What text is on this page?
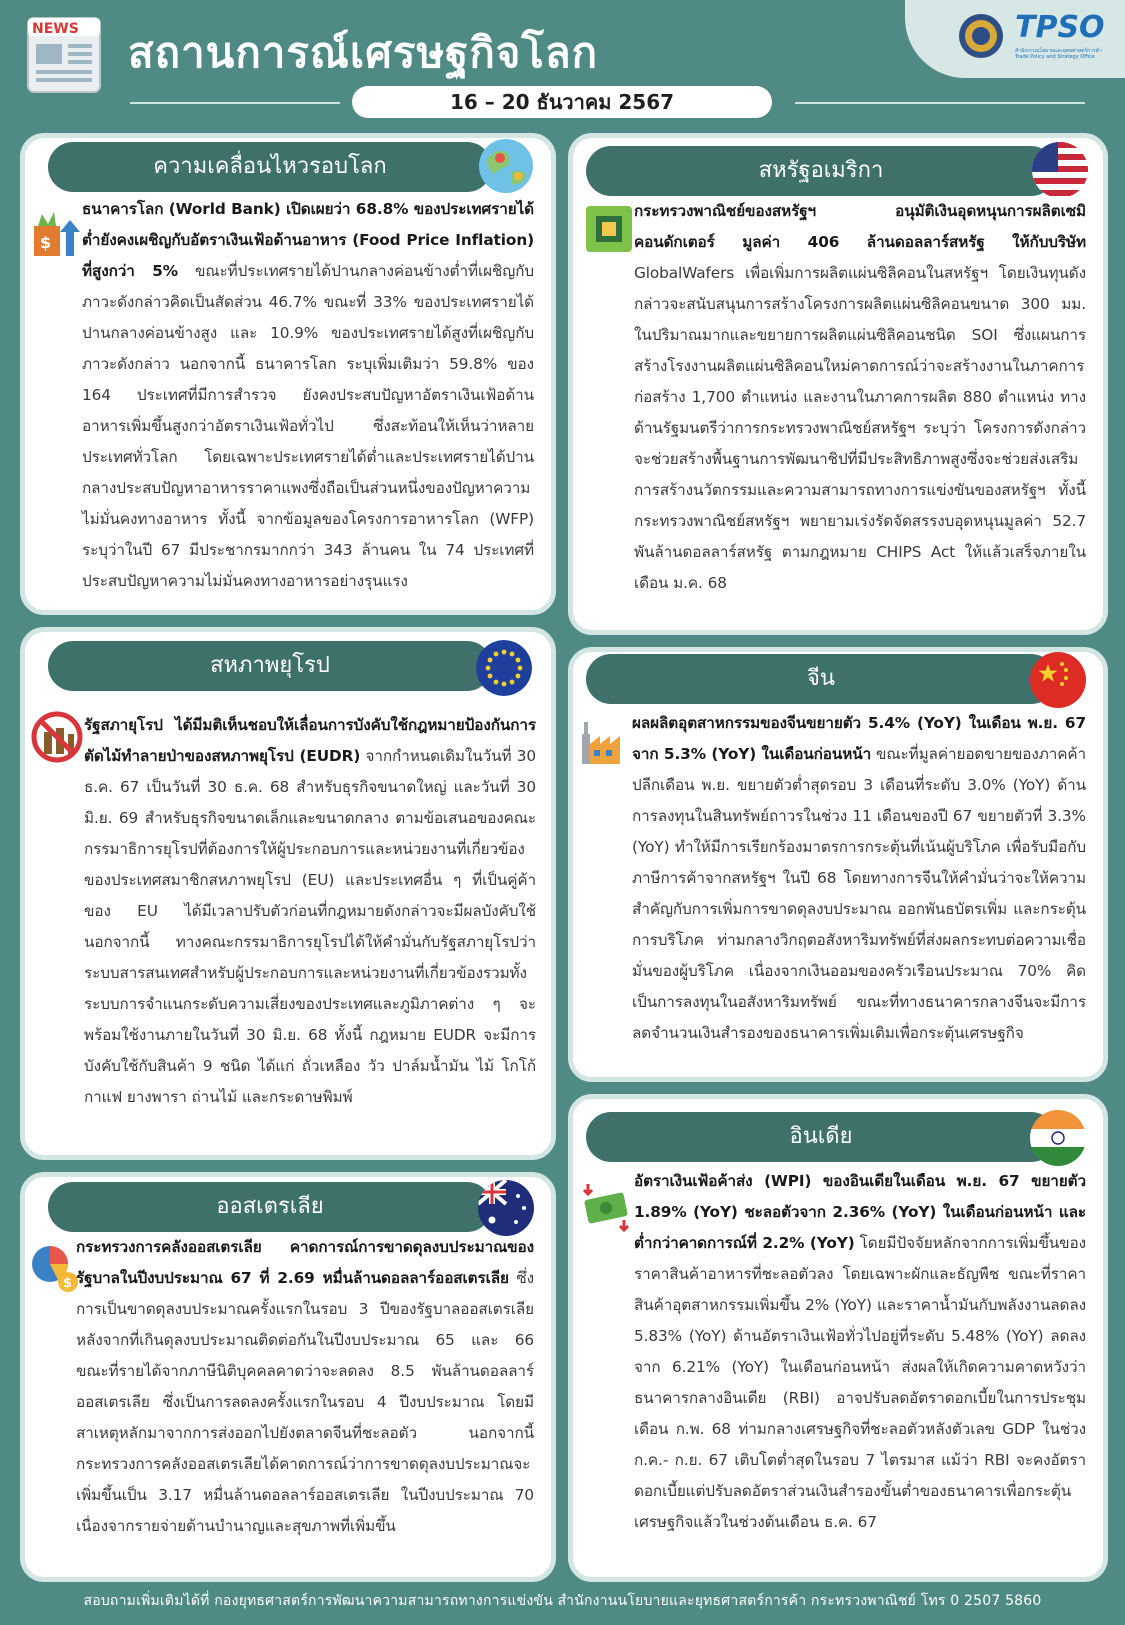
NEWS สถานการณ์เศรษฐกิจโลก
TPSO
สำนักงานนโยบายและยุทธศาสตร์การค้า Trade Policy and Strategy Office
16 – 20 ธันวาคม 2567
ความเคลื่อนไหวรอบโลก
$
ธนาคารโลก (World Bank) เปิดเผยว่า 68.8% ของประเทศรายได้ต่ำยังคงเผชิญกับอัตราเงินเฟ้อด้านอาหาร (Food Price Inflation) ที่สูงกว่า 5% ขณะที่ประเทศรายได้ปานกลางค่อนข้างต่ำที่เผชิญกับภาวะดังกล่าวคิดเป็นสัดส่วน 46.7% ขณะที่ 33% ของประเทศรายได้ปานกลางค่อนข้างสูง และ 10.9% ของประเทศรายได้สูงที่เผชิญกับภาวะดังกล่าว นอกจากนี้ ธนาคารโลก ระบุเพิ่มเติมว่า 59.8% ของ 164 ประเทศที่มีการสำรวจ ยังคงประสบปัญหาอัตราเงินเฟ้อด้านอาหารเพิ่มขึ้นสูงกว่าอัตราเงินเฟ้อทั่วไป ซึ่งสะท้อนให้เห็นว่าหลายประเทศทั่วโลก โดยเฉพาะประเทศรายได้ต่ำและประเทศรายได้ปานกลางประสบปัญหาอาหารราคาแพงซึ่งถือเป็นส่วนหนึ่งของปัญหาความไม่มั่นคงทางอาหาร ทั้งนี้ จากข้อมูลของโครงการอาหารโลก (WFP) ระบุว่าในปี 67 มีประชากรมากกว่า 343 ล้านคน ใน 74 ประเทศที่ประสบปัญหาความไม่มั่นคงทางอาหารอย่างรุนแรง
สหรัฐอเมริกา
กระทรวงพาณิชย์ของสหรัฐฯ อนุมัติเงินอุดหนุนการผลิตเซมิคอนดักเตอร์ มูลค่า 406 ล้านดอลลาร์สหรัฐ ให้กับบริษัท GlobalWafers เพื่อเพิ่มการผลิตแผ่นซิลิคอนในสหรัฐฯ โดยเงินทุนดังกล่าวจะสนับสนุนการสร้างโครงการผลิตแผ่นซิลิคอนขนาด 300 มม. ในปริมาณมากและขยายการผลิตแผ่นซิลิคอนชนิด SOI ซึ่งแผนการสร้างโรงงานผลิตแผ่นซิลิคอนใหม่คาดการณ์ว่าจะสร้างงานในภาคการก่อสร้าง 1,700 ตำแหน่ง และงานในภาคการผลิต 880 ตำแหน่ง ทางด้านรัฐมนตรีว่าการกระทรวงพาณิชย์สหรัฐฯ ระบุว่า โครงการดังกล่าวจะช่วยสร้างพื้นฐานการพัฒนาชิปที่มีประสิทธิภาพสูงซึ่งจะช่วยส่งเสริมการสร้างนวัตกรรมและความสามารถทางการแข่งขันของสหรัฐฯ ทั้งนี้ กระทรวงพาณิชย์สหรัฐฯ พยายามเร่งรัดจัดสรรงบอุดหนุนมูลค่า 52.7 พันล้านดอลลาร์สหรัฐ ตามกฎหมาย CHIPS Act ให้แล้วเสร็จภายในเดือน ม.ค. 68
สหภาพยุโรป
รัฐสภายุโรป ได้มีมติเห็นชอบให้เลื่อนการบังคับใช้กฎหมายป้องกันการตัดไม้ทำลายป่าของสหภาพยุโรป (EUDR) จากกำหนดเดิมในวันที่ 30 ธ.ค. 67 เป็นวันที่ 30 ธ.ค. 68 สำหรับธุรกิจขนาดใหญ่ และวันที่ 30 มิ.ย. 69 สำหรับธุรกิจขนาดเล็กและขนาดกลาง ตามข้อเสนอของคณะกรรมาธิการยุโรปที่ต้องการให้ผู้ประกอบการและหน่วยงานที่เกี่ยวข้องของประเทศสมาชิกสหภาพยุโรป (EU) และประเทศอื่น ๆ ที่เป็นคู่ค้าของ EU ได้มีเวลาปรับตัวก่อนที่กฎหมายดังกล่าวจะมีผลบังคับใช้ นอกจากนี้ ทางคณะกรรมาธิการยุโรปได้ให้คำมั่นกับรัฐสภายุโรปว่าระบบสารสนเทศสำหรับผู้ประกอบการและหน่วยงานที่เกี่ยวข้องรวมทั้งระบบการจำแนกระดับความเสี่ยงของประเทศและภูมิภาคต่าง ๆ จะพร้อมใช้งานภายในวันที่ 30 มิ.ย. 68 ทั้งนี้ กฎหมาย EUDR จะมีการบังคับใช้กับสินค้า 9 ชนิด ได้แก่ ถั่วเหลือง วัว ปาล์มน้ำมัน ไม้ โกโก้ กาแฟ ยางพารา ถ่านไม้ และกระดาษพิมพ์
จีน
ผลผลิตอุตสาหกรรมของจีนขยายตัว 5.4% (YoY) ในเดือน พ.ย. 67 จาก 5.3% (YoY) ในเดือนก่อนหน้า ขณะที่มูลค่ายอดขายของภาคค้าปลีกเดือน พ.ย. ขยายตัวต่ำสุดรอบ 3 เดือนที่ระดับ 3.0% (YoY) ด้านการลงทุนในสินทรัพย์ถาวรในช่วง 11 เดือนของปี 67 ขยายตัวที่ 3.3% (YoY) ทำให้มีการเรียกร้องมาตรการกระตุ้นที่เน้นผู้บริโภค เพื่อรับมือกับภาษีการค้าจากสหรัฐฯ ในปี 68 โดยทางการจีนให้คำมั่นว่าจะให้ความสำคัญกับการเพิ่มการขาดดุลงบประมาณ ออกพันธบัตรเพิ่ม และกระตุ้นการบริโภค ท่ามกลางวิกฤตอสังหาริมทรัพย์ที่ส่งผลกระทบต่อความเชื่อมั่นของผู้บริโภค เนื่องจากเงินออมของครัวเรือนประมาณ 70% คิดเป็นการลงทุนในอสังหาริมทรัพย์ ขณะที่ทางธนาคารกลางจีนจะมีการลดจำนวนเงินสำรองของธนาคารเพิ่มเติมเพื่อกระตุ้นเศรษฐกิจ
ออสเตรเลีย
$
กระทรวงการคลังออสเตรเลีย คาดการณ์การขาดดุลงบประมาณของรัฐบาลในปีงบประมาณ 67 ที่ 2.69 หมื่นล้านดอลลาร์ออสเตรเลีย ซึ่งการเป็นขาดดุลงบประมาณครั้งแรกในรอบ 3 ปีของรัฐบาลออสเตรเลียหลังจากที่เกินดุลงบประมาณติดต่อกันในปีงบประมาณ 65 และ 66 ขณะที่รายได้จากภาษีนิติบุคคลคาดว่าจะลดลง 8.5 พันล้านดอลลาร์ออสเตรเลีย ซึ่งเป็นการลดลงครั้งแรกในรอบ 4 ปีงบประมาณ โดยมีสาเหตุหลักมาจากการส่งออกไปยังตลาดจีนที่ชะลอตัว นอกจากนี้ กระทรวงการคลังออสเตรเลียได้คาดการณ์ว่าการขาดดุลงบประมาณจะเพิ่มขึ้นเป็น 3.17 หมื่นล้านดอลลาร์ออสเตรเลีย ในปีงบประมาณ 70 เนื่องจากรายจ่ายด้านบำนาญและสุขภาพที่เพิ่มขึ้น
อินเดีย
อัตราเงินเฟ้อค้าส่ง (WPI) ของอินเดียในเดือน พ.ย. 67 ขยายตัว 1.89% (YoY) ชะลอตัวจาก 2.36% (YoY) ในเดือนก่อนหน้า และต่ำกว่าคาดการณ์ที่ 2.2% (YoY) โดยมีปัจจัยหลักจากการเพิ่มขึ้นของราคาสินค้าอาหารที่ชะลอตัวลง โดยเฉพาะผักและธัญพืช ขณะที่ราคาสินค้าอุตสาหกรรมเพิ่มขึ้น 2% (YoY) และราคาน้ำมันกับพลังงานลดลง 5.83% (YoY) ด้านอัตราเงินเฟ้อทั่วไปอยู่ที่ระดับ 5.48% (YoY) ลดลงจาก 6.21% (YoY) ในเดือนก่อนหน้า ส่งผลให้เกิดความคาดหวังว่าธนาคารกลางอินเดีย (RBI) อาจปรับลดอัตราดอกเบี้ยในการประชุมเดือน ก.พ. 68 ท่ามกลางเศรษฐกิจที่ชะลอตัวหลังตัวเลข GDP ในช่วง ก.ค.- ก.ย. 67 เติบโตต่ำสุดในรอบ 7 ไตรมาส แม้ว่า RBI จะคงอัตราดอกเบี้ยแต่ปรับลดอัตราส่วนเงินสำรองขั้นต่ำของธนาคารเพื่อกระตุ้นเศรษฐกิจแล้วในช่วงต้นเดือน ธ.ค. 67
สอบถามเพิ่มเติมได้ที่ กองยุทธศาสตร์การพัฒนาความสามารถทางการแข่งขัน สำนักงานนโยบายและยุทธศาสตร์การค้า กระทรวงพาณิชย์ โทร 0 2507 5860
